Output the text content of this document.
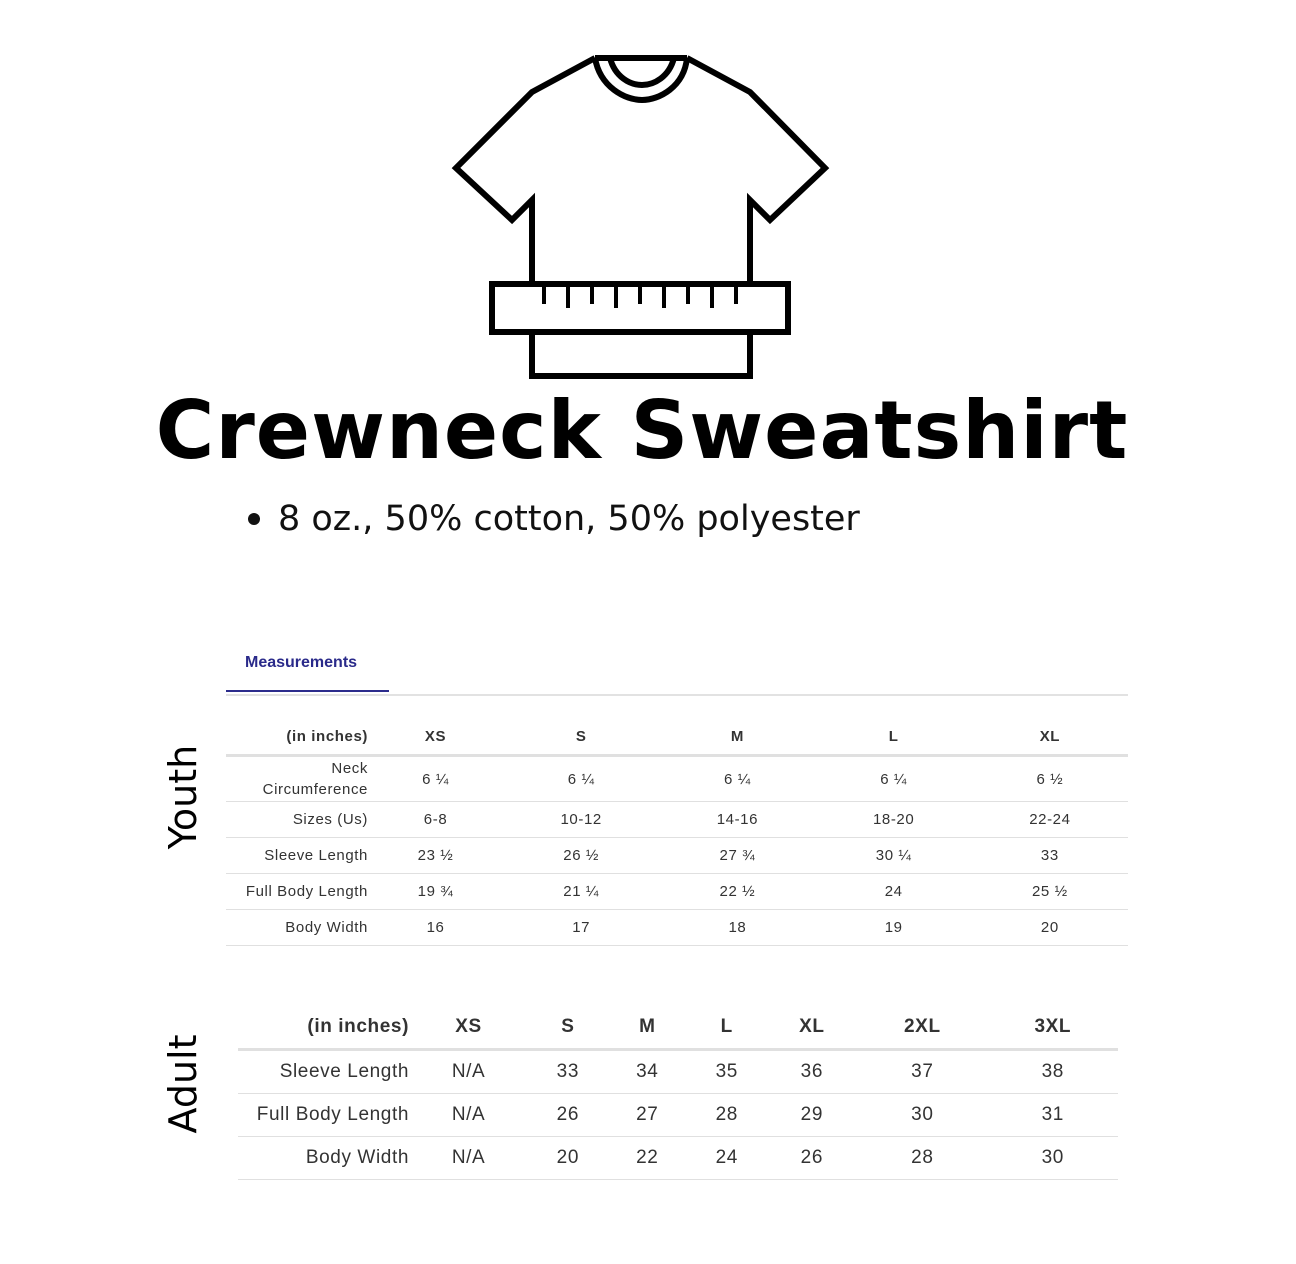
Crewneck Sweatshirt
8 oz., 50% cotton, 50% polyester
Measurements
Youth
(in inches)	XS	S	M	L	XL

Neck
Circumference	6 ¼	6 ¼	6 ¼	6 ¼	6 ½
Sizes (Us)	6-8	10-12	14-16	18-20	22-24
Sleeve Length	23 ½	26 ½	27 ¾	30 ¼	33
Full Body Length	19 ¾	21 ¼	22 ½	24	25 ½
Body Width	16	17	18	19	20
Adult
(in inches)	XS	S	M	L	XL	2XL	3XL
Sleeve Length	N/A	33	34	35	36	37	38
Full Body Length	N/A	26	27	28	29	30	31
Body Width	N/A	20	22	24	26	28	30
